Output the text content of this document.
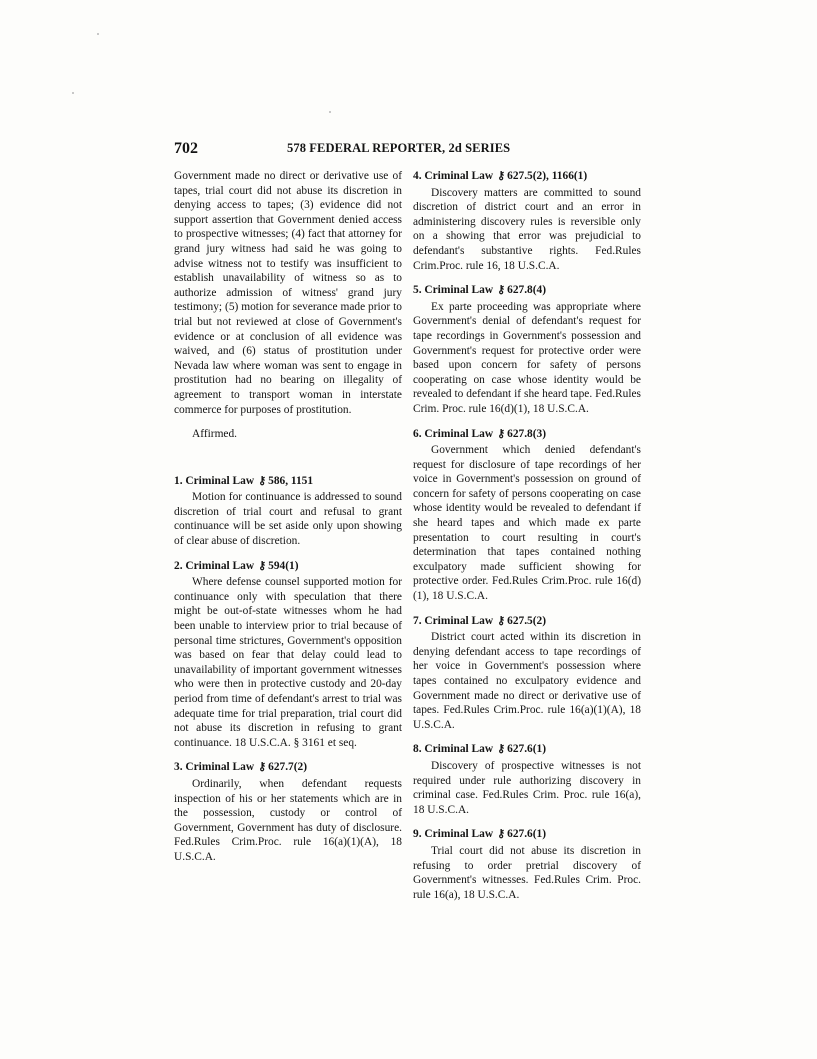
702	578 FEDERAL REPORTER, 2d SERIES

Government made no direct or derivative use of tapes, trial court did not abuse its discretion in denying access to tapes; (3) evidence did not support assertion that Government denied access to prospective witnesses; (4) fact that attorney for grand jury witness had said he was going to advise witness not to testify was insufficient to establish unavailability of witness so as to authorize admission of witness' grand jury testimony; (5) motion for severance made prior to trial but not reviewed at close of Government's evidence or at conclusion of all evidence was waived, and (6) status of prostitution under Nevada law where woman was sent to engage in prostitution had no bearing on illegality of agreement to transport woman in interstate commerce for purposes of prostitution.

Affirmed.

1. Criminal Law ⚷ 586, 1151

Motion for continuance is addressed to sound discretion of trial court and refusal to grant continuance will be set aside only upon showing of clear abuse of discretion.

2. Criminal Law ⚷ 594(1)

Where defense counsel supported motion for continuance only with speculation that there might be out-of-state witnesses whom he had been unable to interview prior to trial because of personal time strictures, Government's opposition was based on fear that delay could lead to unavailability of important government witnesses who were then in protective custody and 20-day period from time of defendant's arrest to trial was adequate time for trial preparation, trial court did not abuse its discretion in refusing to grant continuance. 18 U.S.C.A. § 3161 et seq.

3. Criminal Law ⚷ 627.7(2)

Ordinarily, when defendant requests inspection of his or her statements which are in the possession, custody or control of Government, Government has duty of disclosure. Fed.Rules Crim.Proc. rule 16(a)(1)(A), 18 U.S.C.A.

4. Criminal Law ⚷ 627.5(2), 1166(1)

Discovery matters are committed to sound discretion of district court and an error in administering discovery rules is reversible only on a showing that error was prejudicial to defendant's substantive rights. Fed.Rules Crim.Proc. rule 16, 18 U.S.C.A.

5. Criminal Law ⚷ 627.8(4)

Ex parte proceeding was appropriate where Government's denial of defendant's request for tape recordings in Government's possession and Government's request for protective order were based upon concern for safety of persons cooperating on case whose identity would be revealed to defendant if she heard tape. Fed.Rules Crim. Proc. rule 16(d)(1), 18 U.S.C.A.

6. Criminal Law ⚷ 627.8(3)

Government which denied defendant's request for disclosure of tape recordings of her voice in Government's possession on ground of concern for safety of persons cooperating on case whose identity would be revealed to defendant if she heard tapes and which made ex parte presentation to court resulting in court's determination that tapes contained nothing exculpatory made sufficient showing for protective order. Fed.Rules Crim.Proc. rule 16(d)(1), 18 U.S.C.A.

7. Criminal Law ⚷ 627.5(2)

District court acted within its discretion in denying defendant access to tape recordings of her voice in Government's possession where tapes contained no exculpatory evidence and Government made no direct or derivative use of tapes. Fed.Rules Crim.Proc. rule 16(a)(1)(A), 18 U.S.C.A.

8. Criminal Law ⚷ 627.6(1)

Discovery of prospective witnesses is not required under rule authorizing discovery in criminal case. Fed.Rules Crim. Proc. rule 16(a), 18 U.S.C.A.

9. Criminal Law ⚷ 627.6(1)

Trial court did not abuse its discretion in refusing to order pretrial discovery of Government's witnesses. Fed.Rules Crim. Proc. rule 16(a), 18 U.S.C.A.
